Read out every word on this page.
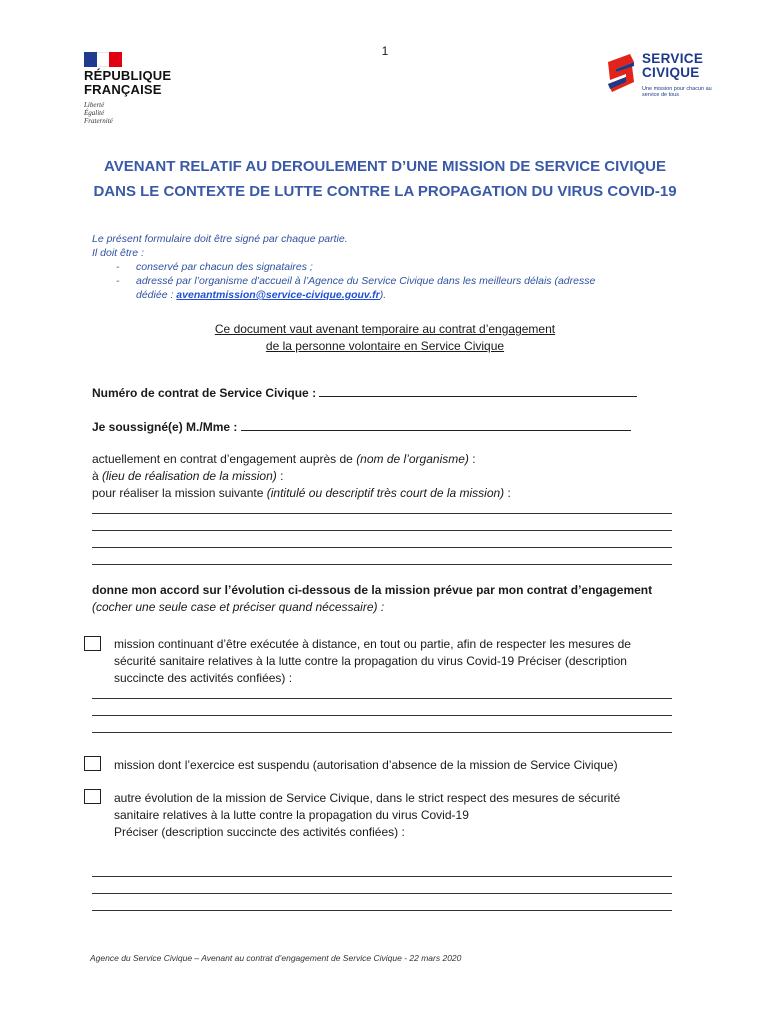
1
RÉPUBLIQUE
FRANÇAISE
Liberté
Égalité
Fraternité
SERVICE
CIVIQUE
Une mission pour chacun au service de tous
AVENANT RELATIF AU DEROULEMENT D’UNE MISSION DE SERVICE CIVIQUE
DANS LE CONTEXTE DE LUTTE CONTRE LA PROPAGATION DU VIRUS COVID-19

Le présent formulaire doit être signé par chaque partie.

Il doit être :

- conservé par chacun des signataires ;
- adressé par l’organisme d’accueil à l’Agence du Service Civique dans les meilleurs délais (adresse
dédiée : avenantmission@service-civique.gouv.fr).
Ce document vaut avenant temporaire au contrat d’engagement
de la personne volontaire en Service Civique
Numéro de contrat de Service Civique :
Je soussigné(e) M./Mme :

actuellement en contrat d’engagement auprès de (nom de l’organisme) :

à (lieu de réalisation de la mission) :

pour réaliser la mission suivante (intitulé ou descriptif très court de la mission) :

donne mon accord sur l’évolution ci-dessous de la mission prévue par mon contrat d’engagement

(cocher une seule case et préciser quand nécessaire) :

mission continuant d’être exécutée à distance, en tout ou partie, afin de respecter les mesures de
sécurité sanitaire relatives à la lutte contre la propagation du virus Covid-19 Préciser (description
succincte des activités confiées) :
mission dont l’exercice est suspendu (autorisation d’absence de la mission de Service Civique)
autre évolution de la mission de Service Civique, dans le strict respect des mesures de sécurité
sanitaire relatives à la lutte contre la propagation du virus Covid-19
Préciser (description succincte des activités confiées) :
Agence du Service Civique – Avenant au contrat d’engagement de Service Civique - 22 mars 2020
